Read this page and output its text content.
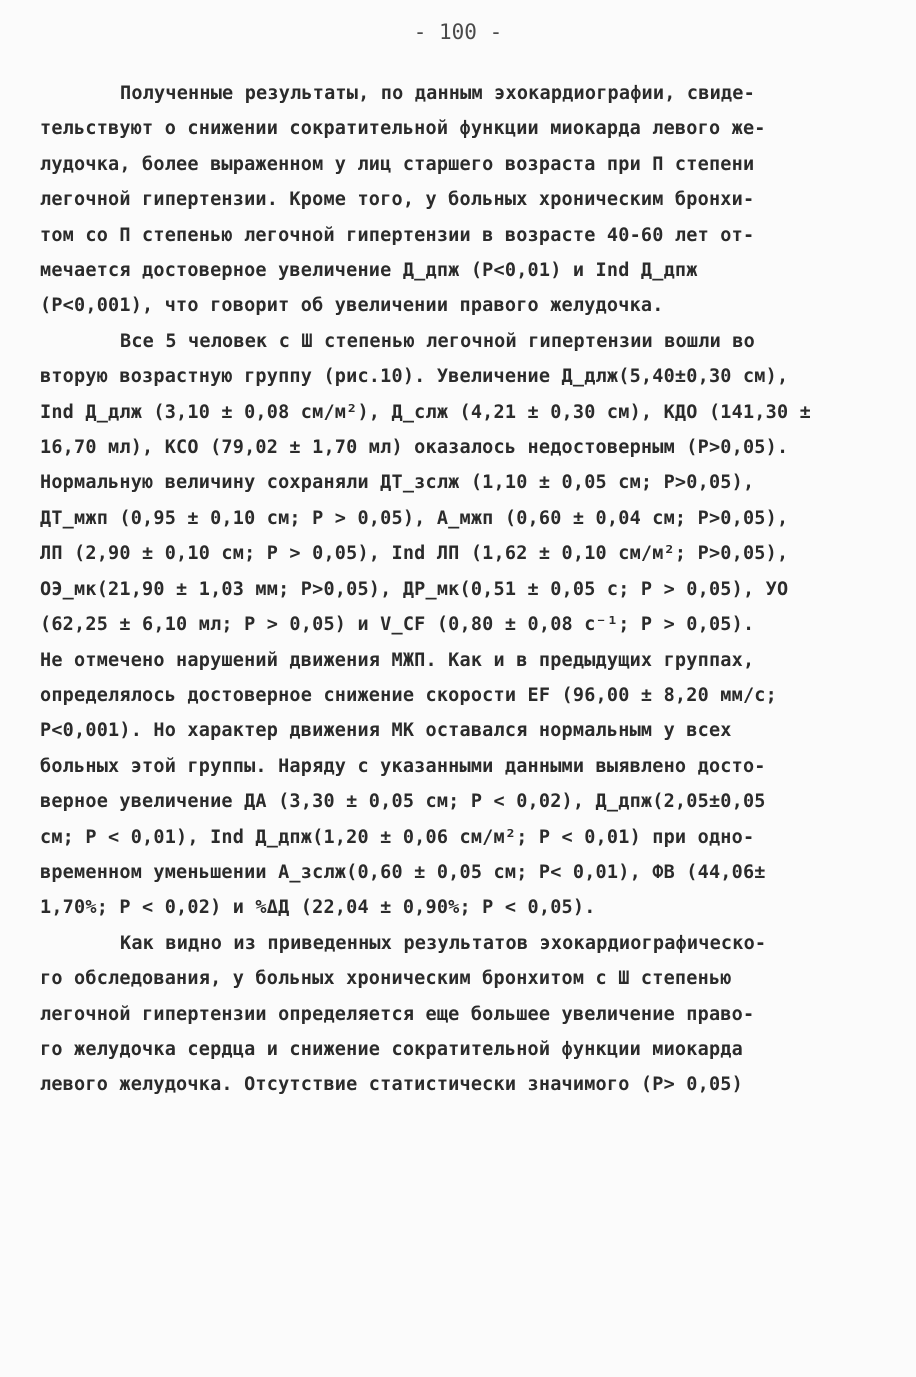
- 100 -

Полученные результаты, по данным эхокардиографии, свиде-
тельствуют о снижении сократительной функции миокарда левого же-
лудочка, более выраженном у лиц старшего возраста при П степени
легочной гипертензии. Кроме того, у больных хроническим бронхи-
том со П степенью легочной гипертензии в возрасте 40-60 лет от-
мечается достоверное увеличение Д_дпж (P<0,01) и Ind Д_дпж
(P<0,001), что говорит об увеличении правого желудочка.

Все 5 человек с Ш степенью легочной гипертензии вошли во
вторую возрастную группу (рис.10). Увеличение Д_длж(5,40±0,30 см),
Ind Д_длж (3,10 ± 0,08 см/м²), Д_слж (4,21 ± 0,30 см), КДО (141,30 ±
16,70 мл), КСО (79,02 ± 1,70 мл) оказалось недостоверным (P>0,05).
Нормальную величину сохраняли ДТ_зслж (1,10 ± 0,05 см; P>0,05),
ДТ_мжп (0,95 ± 0,10 см; P > 0,05), А_мжп (0,60 ± 0,04 см; P>0,05),
ЛП (2,90 ± 0,10 см; P > 0,05), Ind ЛП (1,62 ± 0,10 см/м²; P>0,05),
ОЭ_мк(21,90 ± 1,03 мм; P>0,05), ДР_мк(0,51 ± 0,05 с; P > 0,05), УО
(62,25 ± 6,10 мл; P > 0,05) и V_CF (0,80 ± 0,08 с⁻¹; P > 0,05).
Не отмечено нарушений движения МЖП. Как и в предыдущих группах,
определялось достоверное снижение скорости EF (96,00 ± 8,20 мм/с;
P<0,001). Но характер движения МК оставался нормальным у всех
больных этой группы. Наряду с указанными данными выявлено досто-
верное увеличение ДА (3,30 ± 0,05 см; P < 0,02), Д_дпж(2,05±0,05
см; P < 0,01), Ind Д_дпж(1,20 ± 0,06 см/м²; P < 0,01) при одно-
временном уменьшении А_зслж(0,60 ± 0,05 см; P< 0,01), ФВ (44,06±
1,70%; P < 0,02) и %ΔД (22,04 ± 0,90%; P < 0,05).

Как видно из приведенных результатов эхокардиографическо-
го обследования, у больных хроническим бронхитом с Ш степенью
легочной гипертензии определяется еще большее увеличение право-
го желудочка сердца и снижение сократительной функции миокарда
левого желудочка. Отсутствие статистически значимого (P> 0,05)
